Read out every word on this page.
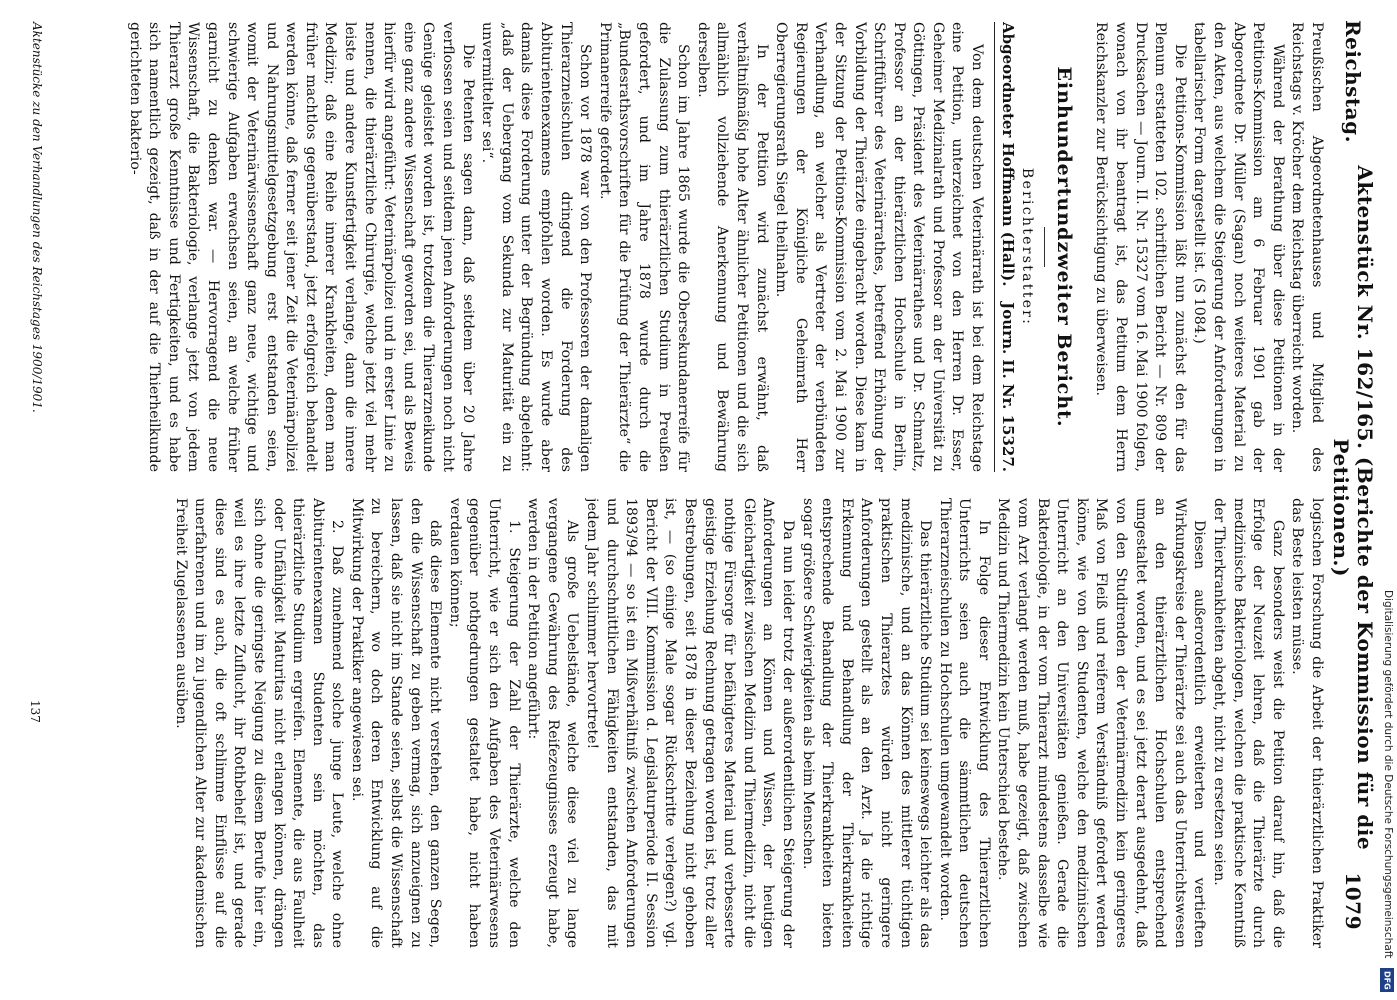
Reichstag.
Aktenstück Nr. 162/165. (Berichte der Kommission für die Petitionen.)
1079

Preußischen Abgeordnetenhauses und Mitglied des Reichstags v. Kröcher dem Reichstag überreicht worden.

Während der Berathung über diese Petitionen in der Petitions-Kommission am 6 Februar 1901 gab der Abgeordnete Dr. Müller (Sagan) noch weiteres Material zu den Akten, aus welchem die Steigerung der Anforderungen in tabellarischer Form dargestellt ist. (S 1084.)

Die Petitions-Kommission läßt nun zunächst den für das Plenum erstatteten 102. schriftlichen Bericht — Nr. 809 der Drucksachen — Journ. II. Nr. 15327 vom 16. Mai 1900 folgen, wonach von ihr beantragt ist, das Petitum dem Herrn Reichskanzler zur Berücksichtigung zu überweisen.

Einhundertundzweiter Bericht.
Berichterstatter:
Abgeordneter Hoffmann (Hall).
Journ. II. Nr. 15327.

Von dem deutschen Veterinärrath ist bei dem Reichstage eine Petition, unterzeichnet von den Herren Dr. Esser, Geheimer Medizinalrath und Professor an der Universität zu Göttingen, Präsident des Veterinärrathes und Dr. Schmaltz, Professor an der thierärztlichen Hochschule in Berlin, Schriftführer des Veterinärrathes, betreffend Erhöhung der Vorbildung der Thierärzte eingebracht worden. Diese kam in der Sitzung der Petitions-Kommission vom 2. Mai 1900 zur Verhandlung, an welcher als Vertreter der verbündeten Regierungen der Königliche Geheimrath Herr Oberregierungsrath Siegel theilnahm.

In der Petition wird zunächst erwähnt, daß verhältnißmäßig hohe Alter ähnlicher Petitionen und die sich allmählich vollziehende Anerkennung und Bewährung derselben.

Schon im Jahre 1865 wurde die Obersekundanerreife für die Zulassung zum thierärztlichen Studium in Preußen gefordert, und im Jahre 1878 wurde durch die „Bundesrathsvorschriften für die Prüfung der Thierärzte“ die Primanerreife gefordert.

Schon vor 1878 war von den Professoren der damaligen Thierarzneischulen dringend die Forderung des Abiturientenexamens empfohlen worden. Es wurde aber damals diese Forderung unter der Begründung abgelehnt: „daß der Uebergang vom Sekunda zur Maturität ein zu unvermittelter sei“.

Die Petenten sagen dann, daß seitdem über 20 Jahre verflossen seien und seitdem jenen Anforderungen noch nicht Genüge geleistet worden ist, trotzdem die Thierarzneikunde eine ganz andere Wissenschaft geworden sei, und als Beweis hierfür wird angeführt: Veterinärpolizei und in erster Linie zu nennen, die thierärztliche Chirurgie, welche jetzt viel mehr leiste und andere Kunstfertigkeit verlange, dann die innere Medizin; daß eine Reihe innerer Krankheiten, denen man früher machtlos gegenüberstand, jetzt erfolgreich behandelt werden könne, daß ferner seit jener Zeit die Veterinärpolizei und Nahrungsmittelgesetzgebung erst entstanden seien, womit der Veterinärwissenschaft ganz neue, wichtige und schwierige Aufgaben erwachsen seien, an welche früher garnicht zu denken war. — Hervorragend die neue Wissenschaft, die Bakteriologie, verlange jetzt von jedem Thierarzt große Kenntnisse und Fertigkeiten, und es habe sich namentlich gezeigt, daß in der auf die Thierheilkunde gerichteten bakterio-

logischen Forschung die Arbeit der thierärztlichen Praktiker das Beste leisten müsse.

Ganz besonders weist die Petition darauf hin, daß die Erfolge der Neuzeit lehren, daß die Thierärzte durch medizinische Bakteriologen, welchen die praktische Kenntniß der Thierkrankheiten abgeht, nicht zu ersetzen seien.

Diesen außerordentlich erweiterten und vertieften Wirkungskreise der Thierärzte sei auch das Unterrichtswesen an den thierärztlichen Hochschulen entsprechend umgestaltet worden, und es sei jetzt derart ausgedehnt, daß von den Studirenden der Veterinärmedizin kein geringeres Maß von Fleiß und reiferem Verständniß gefordert werden könne, wie von den Studenten, welche den medizinischen Unterricht an den Universitäten genießen. Gerade die Bakteriologie, in der vom Thierarzt mindestens dasselbe wie vom Arzt verlangt werden muß, habe gezeigt, daß zwischen Medizin und Thiermedizin kein Unterschied bestehe.

In Folge dieser Entwicklung des Thierarztlichen Unterrichts seien auch die sämmtlichen deutschen Thierarzneischulen zu Hochschulen umgewandelt worden.

Das thierärztliche Studium sei keineswegs leichter als das medizinische, und an das Können des mittlerer tüchtigen praktischen Thierarztes würden nicht geringere Anforderungen gestellt als an den Arzt. Ja die richtige Erkennung und Behandlung der Thierkrankheiten entsprechende Behandlung der Thierkrankheiten bieten sogar größere Schwierigkeiten als beim Menschen.

Da nun leider trotz der außerordentlichen Steigerung der Anforderungen an Können und Wissen, der heutigen Gleichartigkeit zwischen Medizin und Thiermedizin, nicht die nothige Fürsorge für befähigteres Material und verbesserte geistige Erziehung Rechnung getragen worden ist, trotz aller Bestrebungen, seit 1878 in dieser Beziehung nicht gehoben ist, — (so einige Male sogar Rückschritte verlegen?) vgl. Bericht der VIII. Kommission d. Legislaturperiode II. Session 1893/94 — so ist ein Mißverhältniß zwischen Anforderungen und durchschnittlichen Fähigkeiten entstanden, das mit jedem Jahr schlimmer hervortrete!

Als große Uebelstände, welche diese viel zu lange vergangene Gewährung des Reifezeugnisses erzeugt habe, werden in der Petition angeführt:

1. Steigerung der Zahl der Thierärzte, welche den Unterricht, wie er sich den Aufgaben des Veterinärwesens gegenüber nothgedrungen gestaltet habe, nicht haben verdauen können;

daß diese Elemente nicht verstehen, den ganzen Segen, den die Wissenschaft zu geben vermag, sich anzueignen zu lassen, daß sie nicht im Stande seien, selbst die Wissenschaft zu bereichern, wo doch deren Entwicklung auf die Mitwirkung der Praktiker angewiesen sei.

2. Daß zunehmend solche junge Leute, welche ohne Abiturientenexamen Studenten sein möchten, das thierärztliche Studium ergreifen. Elemente, die aus Faulheit oder Unfähigkeit Maturitas nicht erlangen können, drängen sich ohne die geringste Neigung zu diesem Berufe hier ein, weil es ihre letzte Zuflucht, ihr Rothbehelf ist, und gerade diese sind es auch, die oft schlimme Einflüsse auf die unerfahrenen und im zu jugendlichen Alter zur akademischen Freiheit Zugelassenen ausüben.

Aktenstücke zu den Verhandlungen des Reichstages 1900/1901.
137	Digitalisierung gefördert durch die Deutsche Forschungsgemeinschaft
DFG
